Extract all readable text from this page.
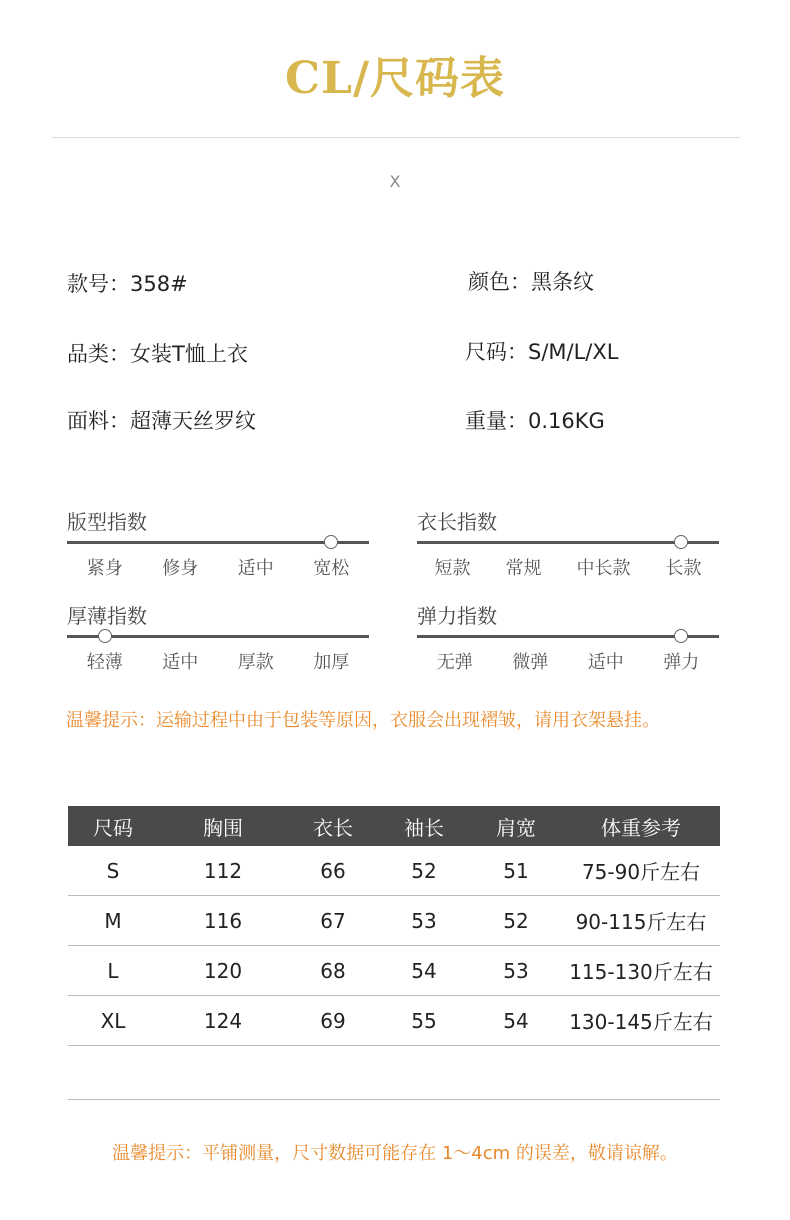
CL/尺码表
X
款号：358#	颜色：黑条纹
品类：女装T恤上衣	尺码：S/M/L/XL
面料：超薄天丝罗纹	重量：0.16KG
版型指数
紧身 修身 适中 宽松
衣长指数
短款 常规 中长款 长款
厚薄指数
轻薄 适中 厚款 加厚
弹力指数
无弹 微弹 适中 弹力
温馨提示：运输过程中由于包装等原因，衣服会出现褶皱，请用衣架悬挂。
尺码	胸围	衣长	袖长	肩宽	体重参考
S	112	66	52	51	75-90斤左右
M	116	67	53	52	90-115斤左右
L	120	68	54	53	115-130斤左右
XL	124	69	55	54	130-145斤左右
温馨提示：平铺测量，尺寸数据可能存在 1～4cm 的误差，敬请谅解。
